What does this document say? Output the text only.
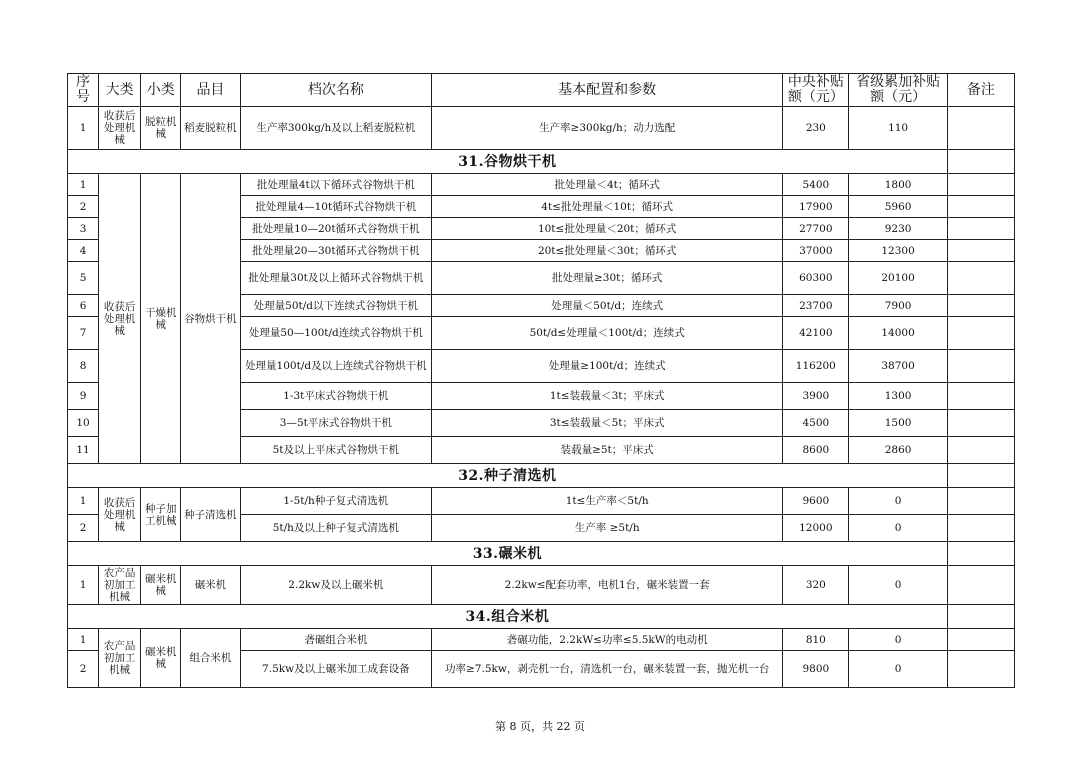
序号	大类	小类	品目	档次名称	基本配置和参数	中央补贴额（元）	省级累加补贴额（元）	备注
1	收获后处理机械	脱粒机械	稻麦脱粒机	生产率300kg/h及以上稻麦脱粒机	生产率≥300kg/h；动力选配	230	110	
31.谷物烘干机								
1	收获后处理机械	干燥机械	谷物烘干机	批处理量4t以下循环式谷物烘干机	批处理量＜4t；循环式	5400	1800	
2				批处理量4—10t循环式谷物烘干机	4t≤批处理量＜10t；循环式	17900	5960	
3				批处理量10—20t循环式谷物烘干机	10t≤批处理量＜20t；循环式	27700	9230	
4				批处理量20—30t循环式谷物烘干机	20t≤批处理量＜30t；循环式	37000	12300	
5				批处理量30t及以上循环式谷物烘干机	批处理量≥30t；循环式	60300	20100	
6				处理量50t/d以下连续式谷物烘干机	处理量＜50t/d；连续式	23700	7900	
7				处理量50—100t/d连续式谷物烘干机	50t/d≤处理量＜100t/d；连续式	42100	14000	
8				处理量100t/d及以上连续式谷物烘干机	处理量≥100t/d；连续式	116200	38700	
9				1-3t平床式谷物烘干机	1t≤装载量＜3t；平床式	3900	1300	
10				3—5t平床式谷物烘干机	3t≤装载量＜5t；平床式	4500	1500	
11				5t及以上平床式谷物烘干机	装载量≥5t；平床式	8600	2860	
32.种子清选机								
1	收获后处理机械	种子加工机械	种子清选机	1-5t/h种子复式清选机	1t≤生产率＜5t/h	9600	0	
2				5t/h及以上种子复式清选机	生产率 ≥5t/h	12000	0	
33.碾米机								
1	农产品初加工机械	碾米机械	碾米机	2.2kw及以上碾米机	2.2kw≤配套功率，电机1台，碾米装置一套	320	0	
34.组合米机								
1	农产品初加工机械	碾米机械	组合米机	砻碾组合米机	砻碾功能，2.2kW≤功率≤5.5kW的电动机	810	0	
2				7.5kw及以上碾米加工成套设备	功率≥7.5kw，剥壳机一台，清选机一台，碾米装置一套，抛光机一台	9800	0	
第 8 页，共 22 页
